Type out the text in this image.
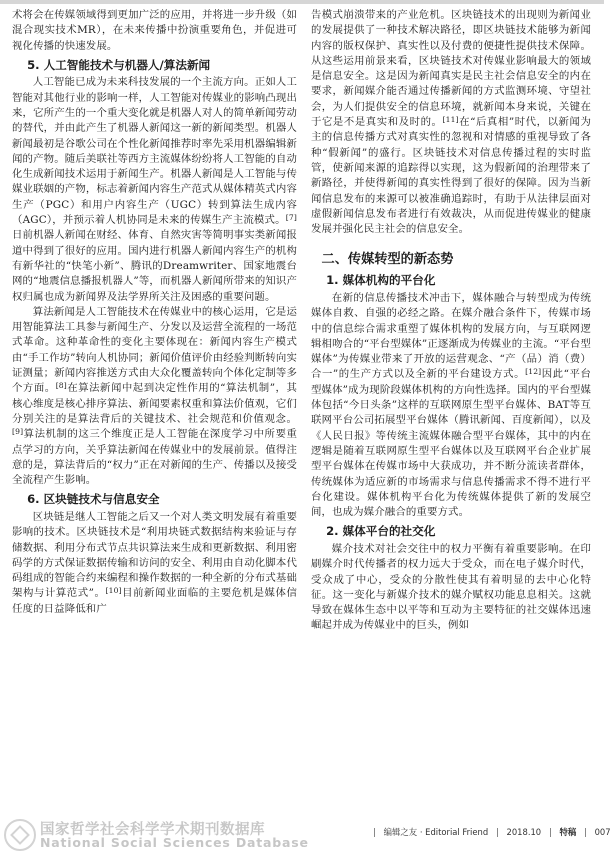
术将会在传媒领域得到更加广泛的应用，并将进一步升级（如混合现实技术MR），在未来传播中扮演重要角色，并促进可视化传播的快速发展。

5. 人工智能技术与机器人/算法新闻

人工智能已成为未来科技发展的一个主流方向。正如人工智能对其他行业的影响一样，人工智能对传媒业的影响凸现出来，它所产生的一个重大变化就是机器人对人的简单新闻劳动的替代，并由此产生了机器人新闻这一新的新闻类型。机器人新闻最初是谷歌公司在个性化新闻推荐时率先采用机器编辑新闻的产物。随后美联社等西方主流媒体纷纷将人工智能的自动化生成新闻技术运用于新闻生产。机器人新闻是人工智能与传媒业联姻的产物，标志着新闻内容生产范式从媒体精英式内容生产（PGC）和用户内容生产（UGC）转到算法生成内容（AGC），并预示着人机协同是未来的传媒生产主流模式。[7]日前机器人新闻在财经、体育、自然灾害等简明事实类新闻报道中得到了很好的应用。国内进行机器人新闻内容生产的机构有新华社的“快笔小新”、腾讯的Dreamwriter、国家地震台网的“地震信息播报机器人”等，而机器人新闻所带来的知识产权归属也成为新闻界及法学界所关注及困惑的重要问题。

算法新闻是人工智能技术在传媒业中的核心运用，它是运用智能算法工具参与新闻生产、分发以及运营全流程的一场范式革命。这种革命性的变化主要体现在：新闻内容生产模式由“手工作坊”转向人机协同；新闻价值评价由经验判断转向实证测量；新闻内容推送方式由大众化覆盖转向个体化定制等多个方面。[8]在算法新闻中起到决定性作用的“算法机制”，其核心维度是核心排序算法、新闻要素权重和算法价值观，它们分别关注的是算法背后的关键技术、社会规范和价值观念。[9]算法机制的这三个维度正是人工智能在深度学习中所要重点学习的方向，关乎算法新闻在传媒业中的发展前景。值得注意的是，算法背后的“权力”正在对新闻的生产、传播以及接受全流程产生影响。

6. 区块链技术与信息安全

区块链是继人工智能之后又一个对人类文明发展有着重要影响的技术。区块链技术是“利用块链式数据结构来验证与存储数据、利用分布式节点共识算法来生成和更新数据、利用密码学的方式保证数据传输和访问的安全、利用由自动化脚本代码组成的智能合约来编程和操作数据的一种全新的分布式基础架构与计算范式”。[10]目前新闻业面临的主要危机是媒体信任度的日益降低和广

告模式崩溃带来的产业危机。区块链技术的出现则为新闻业的发展提供了一种技术解决路径，即区块链技术能够为新闻内容的版权保护、真实性以及付费的便捷性提供技术保障。从这些运用前景来看，区块链技术对传媒业影响最大的领域是信息安全。这是因为新闻真实是民主社会信息安全的内在要求，新闻媒介能否通过传播新闻的方式监测环境、守望社会，为人们提供安全的信息环境，就新闻本身来说，关键在于它是不是真实和及时的。[11]在“后真相”时代，以新闻为主的信息传播方式对真实性的忽视和对情感的重视导致了各种“假新闻”的盛行。区块链技术对信息传播过程的实时监管，使新闻来源的追踪得以实现，这为假新闻的治理带来了新路径，并使得新闻的真实性得到了很好的保障。因为当新闻信息发布的来源可以被准确追踪时，有助于从法律层面对虚假新闻信息发布者进行有效裁决，从而促进传媒业的健康发展并强化民主社会的信息安全。

二、传媒转型的新态势
1. 媒体机构的平台化

在新的信息传播技术冲击下，媒体融合与转型成为传统媒体自救、自强的必经之路。在媒介融合条件下，传媒市场中的信息综合需求重塑了媒体机构的发展方向，与互联网逻辑相吻合的“平台型媒体”正逐渐成为传媒业的主流。“平台型媒体”为传媒业带来了开放的运营观念、“产（品）消（费）合一”的生产方式以及全新的平台建设方式。[12]因此“平台型媒体”成为现阶段媒体机构的方向性选择。国内的平台型媒体包括“今日头条”这样的互联网原生型平台媒体、BAT等互联网平台公司拓展型平台媒体（腾讯新闻、百度新闻），以及《人民日报》等传统主流媒体融合型平台媒体，其中的内在逻辑是随着互联网原生型平台媒体以及互联网平台企业扩展型平台媒体在传媒市场中大获成功，并不断分流读者群体，传统媒体为适应新的市场需求与信息传播需求不得不进行平台化建设。媒体机构平台化为传统媒体提供了新的发展空间，也成为媒介融合的重要方式。

2. 媒体平台的社交化

媒介技术对社会交往中的权力平衡有着重要影响。在印刷媒介时代传播者的权力远大于受众，而在电子媒介时代，受众成了中心，受众的分散性使其有着明显的去中心化特征。这一变化与新媒介技术的媒介赋权功能息息相关。这就导致在媒体生态中以平等和互动为主要特征的社交媒体迅速崛起并成为传媒业中的巨头，例如

国家哲学社会科学学术期刊数据库
National Social Sciences Database
编辑之友 · Editorial Friend 2018.10 特稿 007
